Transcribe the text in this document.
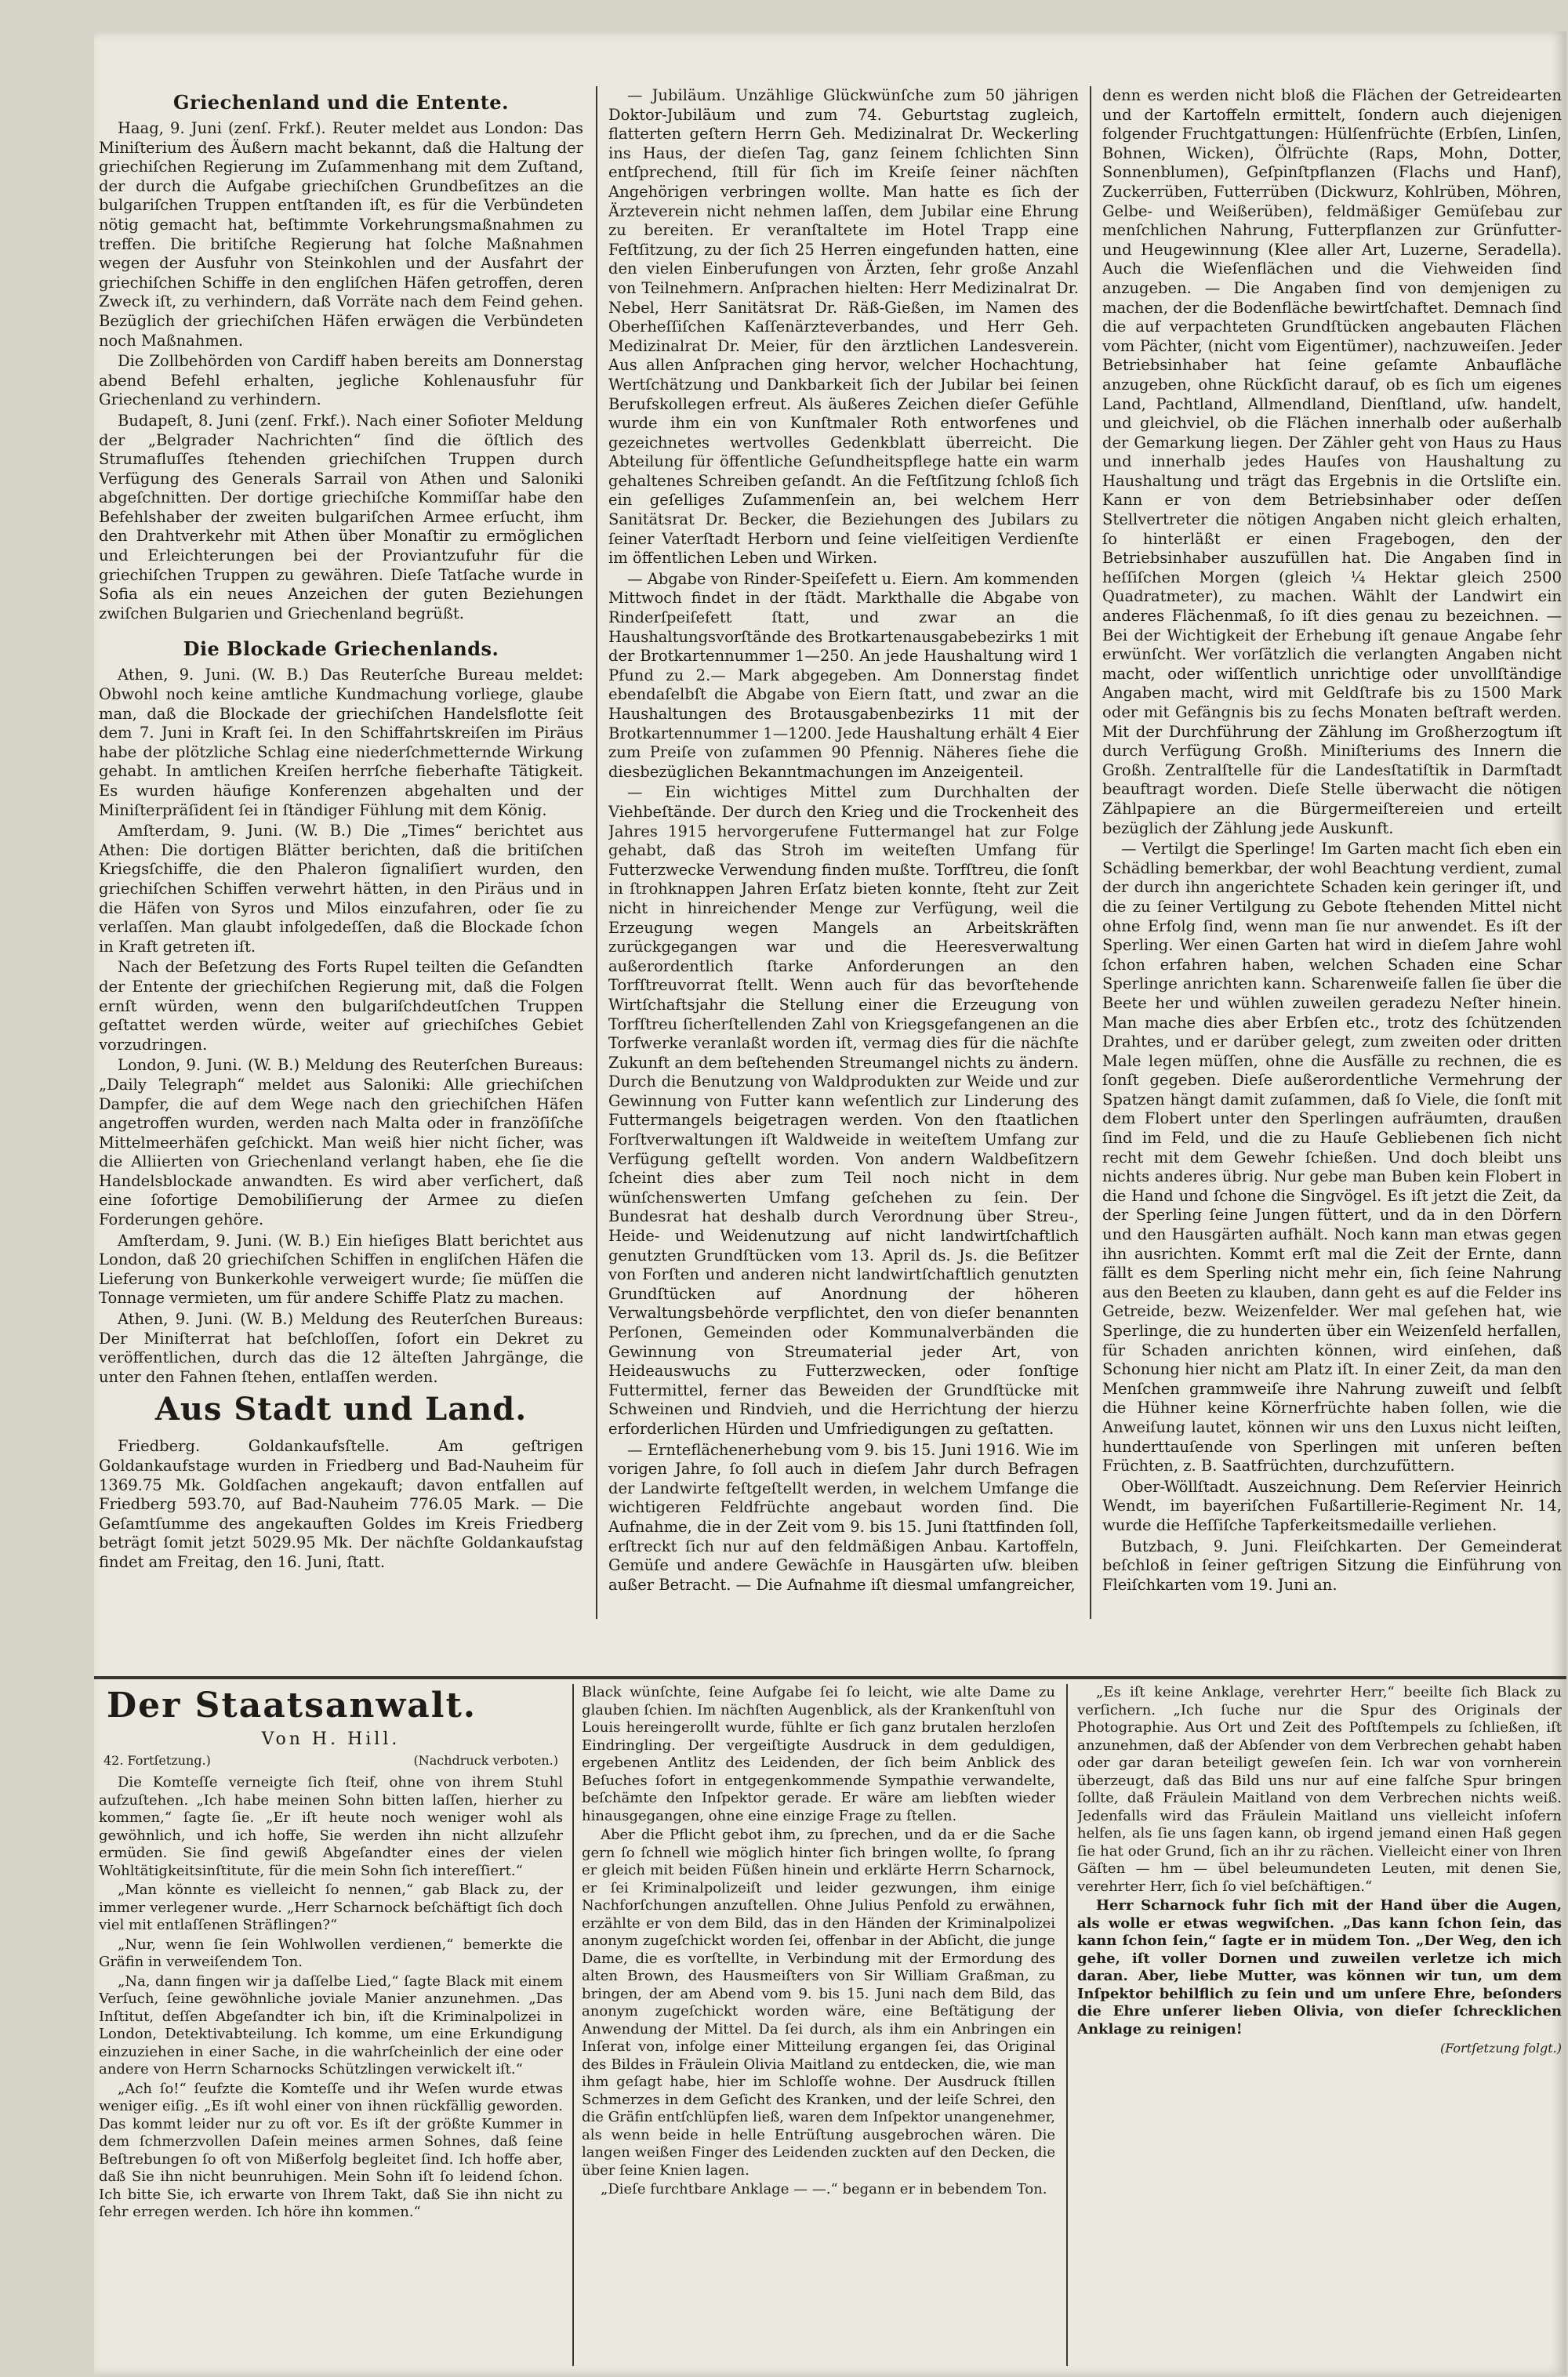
Griechenland und die Entente.

Haag, 9. Juni (zenſ. Frkf.). Reuter meldet aus London: Das Miniſterium des Äußern macht bekannt, daß die Haltung der griechiſchen Regierung im Zuſammenhang mit dem Zuſtand, der durch die Aufgabe griechiſchen Grundbeſitzes an die bulgariſchen Truppen entſtanden iſt, es für die Verbündeten nötig gemacht hat, beſtimmte Vorkehrungsmaßnahmen zu treffen. Die britiſche Regierung hat ſolche Maßnahmen wegen der Ausfuhr von Steinkohlen und der Ausfahrt der griechiſchen Schiffe in den engliſchen Häfen getroffen, deren Zweck iſt, zu verhindern, daß Vorräte nach dem Feind gehen. Bezüglich der griechiſchen Häfen erwägen die Verbündeten noch Maßnahmen.

Die Zollbehörden von Cardiff haben bereits am Donnerstag abend Befehl erhalten, jegliche Kohlenausfuhr für Griechenland zu verhindern.

Budapeſt, 8. Juni (zenſ. Frkf.). Nach einer Sofioter Meldung der „Belgrader Nachrichten“ ſind die öſtlich des Strumafluſſes ſtehenden griechiſchen Truppen durch Verfügung des Generals Sarrail von Athen und Saloniki abgeſchnitten. Der dortige griechiſche Kommiſſar habe den Befehlshaber der zweiten bulgariſchen Armee erſucht, ihm den Drahtverkehr mit Athen über Monaſtir zu ermöglichen und Erleichterungen bei der Proviantzufuhr für die griechiſchen Truppen zu gewähren. Dieſe Tatſache wurde in Sofia als ein neues Anzeichen der guten Beziehungen zwiſchen Bulgarien und Griechenland begrüßt.

Die Blockade Griechenlands.

Athen, 9. Juni. (W. B.) Das Reuterſche Bureau meldet: Obwohl noch keine amtliche Kundmachung vorliege, glaube man, daß die Blockade der griechiſchen Handelsflotte ſeit dem 7. Juni in Kraft ſei. In den Schiffahrtskreiſen im Piräus habe der plötzliche Schlag eine niederſchmetternde Wirkung gehabt. In amtlichen Kreiſen herrſche fieberhafte Tätigkeit. Es wurden häufige Konferenzen abgehalten und der Miniſterpräſident ſei in ſtändiger Fühlung mit dem König.

Amſterdam, 9. Juni. (W. B.) Die „Times“ berichtet aus Athen: Die dortigen Blätter berichten, daß die britiſchen Kriegsſchiffe, die den Phaleron ſignaliſiert wurden, den griechiſchen Schiffen verwehrt hätten, in den Piräus und in die Häfen von Syros und Milos einzufahren, oder ſie zu verlaſſen. Man glaubt infolgedeſſen, daß die Blockade ſchon in Kraft getreten iſt.

Nach der Beſetzung des Forts Rupel teilten die Geſandten der Entente der griechiſchen Regierung mit, daß die Folgen ernſt würden, wenn den bulgariſchdeutſchen Truppen geſtattet werden würde, weiter auf griechiſches Gebiet vorzudringen.

London, 9. Juni. (W. B.) Meldung des Reuterſchen Bureaus: „Daily Telegraph“ meldet aus Saloniki: Alle griechiſchen Dampfer, die auf dem Wege nach den griechiſchen Häfen angetroffen wurden, werden nach Malta oder in franzöſiſche Mittelmeerhäfen geſchickt. Man weiß hier nicht ſicher, was die Alliierten von Griechenland verlangt haben, ehe ſie die Handelsblockade anwandten. Es wird aber verſichert, daß eine ſofortige Demobiliſierung der Armee zu dieſen Forderungen gehöre.

Amſterdam, 9. Juni. (W. B.) Ein hieſiges Blatt berichtet aus London, daß 20 griechiſchen Schiffen in engliſchen Häfen die Lieferung von Bunkerkohle verweigert wurde; ſie müſſen die Tonnage vermieten, um für andere Schiffe Platz zu machen.

Athen, 9. Juni. (W. B.) Meldung des Reuterſchen Bureaus: Der Miniſterrat hat beſchloſſen, ſofort ein Dekret zu veröffentlichen, durch das die 12 älteſten Jahrgänge, die unter den Fahnen ſtehen, entlaſſen werden.

Aus Stadt und Land.

Friedberg. Goldankaufsſtelle. Am geſtrigen Goldankaufstage wurden in Friedberg und Bad-Nauheim für 1369.75 Mk. Goldſachen angekauft; davon entfallen auf Friedberg 593.70, auf Bad-Nauheim 776.05 Mark. — Die Geſamtſumme des angekauften Goldes im Kreis Friedberg beträgt ſomit jetzt 5029.95 Mk. Der nächſte Goldankaufstag findet am Freitag, den 16. Juni, ſtatt.

— Jubiläum. Unzählige Glückwünſche zum 50 jährigen Doktor-Jubiläum und zum 74. Geburtstag zugleich, flatterten geſtern Herrn Geh. Medizinalrat Dr. Weckerling ins Haus, der dieſen Tag, ganz ſeinem ſchlichten Sinn entſprechend, ſtill für ſich im Kreiſe ſeiner nächſten Angehörigen verbringen wollte. Man hatte es ſich der Ärzteverein nicht nehmen laſſen, dem Jubilar eine Ehrung zu bereiten. Er veranſtaltete im Hotel Trapp eine Feſtſitzung, zu der ſich 25 Herren eingefunden hatten, eine den vielen Einberufungen von Ärzten, ſehr große Anzahl von Teilnehmern. Anſprachen hielten: Herr Medizinalrat Dr. Nebel, Herr Sanitätsrat Dr. Räß-Gießen, im Namen des Oberheſſiſchen Kaſſenärzteverbandes, und Herr Geh. Medizinalrat Dr. Meier, für den ärztlichen Landesverein. Aus allen Anſprachen ging hervor, welcher Hochachtung, Wertſchätzung und Dankbarkeit ſich der Jubilar bei ſeinen Berufskollegen erfreut. Als äußeres Zeichen dieſer Gefühle wurde ihm ein von Kunſtmaler Roth entworfenes und gezeichnetes wertvolles Gedenkblatt überreicht. Die Abteilung für öffentliche Geſundheitspflege hatte ein warm gehaltenes Schreiben geſandt. An die Feſtſitzung ſchloß ſich ein geſelliges Zuſammenſein an, bei welchem Herr Sanitätsrat Dr. Becker, die Beziehungen des Jubilars zu ſeiner Vaterſtadt Herborn und ſeine vielſeitigen Verdienſte im öffentlichen Leben und Wirken.

— Abgabe von Rinder-Speiſefett u. Eiern. Am kommenden Mittwoch findet in der ſtädt. Markthalle die Abgabe von Rinderſpeiſefett ſtatt, und zwar an die Haushaltungsvorſtände des Brotkartenausgabebezirks 1 mit der Brotkartennummer 1—250. An jede Haushaltung wird 1 Pfund zu 2.— Mark abgegeben. Am Donnerstag findet ebendaſelbſt die Abgabe von Eiern ſtatt, und zwar an die Haushaltungen des Brotausgabenbezirks 11 mit der Brotkartennummer 1—1200. Jede Haushaltung erhält 4 Eier zum Preiſe von zuſammen 90 Pfennig. Näheres ſiehe die diesbezüglichen Bekanntmachungen im Anzeigenteil.

— Ein wichtiges Mittel zum Durchhalten der Viehbeſtände. Der durch den Krieg und die Trockenheit des Jahres 1915 hervorgerufene Futtermangel hat zur Folge gehabt, daß das Stroh im weiteſten Umfang für Futterzwecke Verwendung finden mußte. Torfſtreu, die ſonſt in ſtrohknappen Jahren Erſatz bieten konnte, ſteht zur Zeit nicht in hinreichender Menge zur Verfügung, weil die Erzeugung wegen Mangels an Arbeitskräften zurückgegangen war und die Heeresverwaltung außerordentlich ſtarke Anforderungen an den Torfſtreuvorrat ſtellt. Wenn auch für das bevorſtehende Wirtſchaftsjahr die Stellung einer die Erzeugung von Torfſtreu ſicherſtellenden Zahl von Kriegsgefangenen an die Torfwerke veranlaßt worden iſt, vermag dies für die nächſte Zukunft an dem beſtehenden Streumangel nichts zu ändern. Durch die Benutzung von Waldprodukten zur Weide und zur Gewinnung von Futter kann weſentlich zur Linderung des Futtermangels beigetragen werden. Von den ſtaatlichen Forſtverwaltungen iſt Waldweide in weiteſtem Umfang zur Verfügung geſtellt worden. Von andern Waldbeſitzern ſcheint dies aber zum Teil noch nicht in dem wünſchenswerten Umfang geſchehen zu ſein. Der Bundesrat hat deshalb durch Verordnung über Streu-, Heide- und Weidenutzung auf nicht landwirtſchaftlich genutzten Grundſtücken vom 13. April ds. Js. die Beſitzer von Forſten und anderen nicht landwirtſchaftlich genutzten Grundſtücken auf Anordnung der höheren Verwaltungsbehörde verpflichtet, den von dieſer benannten Perſonen, Gemeinden oder Kommunalverbänden die Gewinnung von Streumaterial jeder Art, von Heideauswuchs zu Futterzwecken, oder ſonſtige Futtermittel, ferner das Beweiden der Grundſtücke mit Schweinen und Rindvieh, und die Herrichtung der hierzu erforderlichen Hürden und Umfriedigungen zu geſtatten.

— Ernteflächenerhebung vom 9. bis 15. Juni 1916. Wie im vorigen Jahre, ſo ſoll auch in dieſem Jahr durch Befragen der Landwirte feſtgeſtellt werden, in welchem Umfange die wichtigeren Feldfrüchte angebaut worden ſind. Die Aufnahme, die in der Zeit vom 9. bis 15. Juni ſtattfinden ſoll, erſtreckt ſich nur auf den feldmäßigen Anbau. Kartoffeln, Gemüſe und andere Gewächſe in Hausgärten uſw. bleiben außer Betracht. — Die Aufnahme iſt diesmal umfangreicher,

denn es werden nicht bloß die Flächen der Getreidearten und der Kartoffeln ermittelt, ſondern auch diejenigen folgender Fruchtgattungen: Hülſenfrüchte (Erbſen, Linſen, Bohnen, Wicken), Ölfrüchte (Raps, Mohn, Dotter, Sonnenblumen), Geſpinſtpflanzen (Flachs und Hanf), Zuckerrüben, Futterrüben (Dickwurz, Kohlrüben, Möhren, Gelbe- und Weißerüben), feldmäßiger Gemüſebau zur menſchlichen Nahrung, Futterpflanzen zur Grünfutter- und Heugewinnung (Klee aller Art, Luzerne, Seradella). Auch die Wieſenflächen und die Viehweiden ſind anzugeben. — Die Angaben ſind von demjenigen zu machen, der die Bodenfläche bewirtſchaftet. Demnach ſind die auf verpachteten Grundſtücken angebauten Flächen vom Pächter, (nicht vom Eigentümer), nachzuweiſen. Jeder Betriebsinhaber hat ſeine geſamte Anbaufläche anzugeben, ohne Rückſicht darauf, ob es ſich um eigenes Land, Pachtland, Allmendland, Dienſtland, uſw. handelt, und gleichviel, ob die Flächen innerhalb oder außerhalb der Gemarkung liegen. Der Zähler geht von Haus zu Haus und innerhalb jedes Hauſes von Haushaltung zu Haushaltung und trägt das Ergebnis in die Ortsliſte ein. Kann er von dem Betriebsinhaber oder deſſen Stellvertreter die nötigen Angaben nicht gleich erhalten, ſo hinterläßt er einen Fragebogen, den der Betriebsinhaber auszufüllen hat. Die Angaben ſind in heſſiſchen Morgen (gleich ¼ Hektar gleich 2500 Quadratmeter), zu machen. Wählt der Landwirt ein anderes Flächenmaß, ſo iſt dies genau zu bezeichnen. — Bei der Wichtigkeit der Erhebung iſt genaue Angabe ſehr erwünſcht. Wer vorſätzlich die verlangten Angaben nicht macht, oder wiſſentlich unrichtige oder unvollſtändige Angaben macht, wird mit Geldſtrafe bis zu 1500 Mark oder mit Gefängnis bis zu ſechs Monaten beſtraft werden. Mit der Durchführung der Zählung im Großherzogtum iſt durch Verfügung Großh. Miniſteriums des Innern die Großh. Zentralſtelle für die Landesſtatiſtik in Darmſtadt beauftragt worden. Dieſe Stelle überwacht die nötigen Zählpapiere an die Bürgermeiſtereien und erteilt bezüglich der Zählung jede Auskunft.

— Vertilgt die Sperlinge! Im Garten macht ſich eben ein Schädling bemerkbar, der wohl Beachtung verdient, zumal der durch ihn angerichtete Schaden kein geringer iſt, und die zu ſeiner Vertilgung zu Gebote ſtehenden Mittel nicht ohne Erfolg ſind, wenn man ſie nur anwendet. Es iſt der Sperling. Wer einen Garten hat wird in dieſem Jahre wohl ſchon erfahren haben, welchen Schaden eine Schar Sperlinge anrichten kann. Scharenweiſe fallen ſie über die Beete her und wühlen zuweilen geradezu Neſter hinein. Man mache dies aber Erbſen etc., trotz des ſchützenden Drahtes, und er darüber gelegt, zum zweiten oder dritten Male legen müſſen, ohne die Ausfälle zu rechnen, die es ſonſt gegeben. Dieſe außerordentliche Vermehrung der Spatzen hängt damit zuſammen, daß ſo Viele, die ſonſt mit dem Flobert unter den Sperlingen aufräumten, draußen ſind im Feld, und die zu Hauſe Gebliebenen ſich nicht recht mit dem Gewehr ſchießen. Und doch bleibt uns nichts anderes übrig. Nur gebe man Buben kein Flobert in die Hand und ſchone die Singvögel. Es iſt jetzt die Zeit, da der Sperling ſeine Jungen füttert, und da in den Dörfern und den Hausgärten aufhält. Noch kann man etwas gegen ihn ausrichten. Kommt erſt mal die Zeit der Ernte, dann fällt es dem Sperling nicht mehr ein, ſich ſeine Nahrung aus den Beeten zu klauben, dann geht es auf die Felder ins Getreide, bezw. Weizenfelder. Wer mal geſehen hat, wie Sperlinge, die zu hunderten über ein Weizenſeld herfallen, für Schaden anrichten können, wird einſehen, daß Schonung hier nicht am Platz iſt. In einer Zeit, da man den Menſchen grammweiſe ihre Nahrung zuweiſt und ſelbſt die Hühner keine Körnerfrüchte haben ſollen, wie die Anweiſung lautet, können wir uns den Luxus nicht leiſten, hunderttauſende von Sperlingen mit unſeren beſten Früchten, z. B. Saatfrüchten, durchzufüttern.

Ober-Wöllſtadt. Auszeichnung. Dem Reſervier Heinrich Wendt, im bayeriſchen Fußartillerie-Regiment Nr. 14, wurde die Heſſiſche Tapferkeitsmedaille verliehen.

Butzbach, 9. Juni. Fleiſchkarten. Der Gemeinderat beſchloß in ſeiner geſtrigen Sitzung die Einführung von Fleiſchkarten vom 19. Juni an.

Der Staatsanwalt.
Von H. Hill.
42. Fortſetzung.)	(Nachdruck verboten.)

Die Komteſſe verneigte ſich ſteif, ohne von ihrem Stuhl aufzuſtehen. „Ich habe meinen Sohn bitten laſſen, hierher zu kommen,“ ſagte ſie. „Er iſt heute noch weniger wohl als gewöhnlich, und ich hoffe, Sie werden ihn nicht allzuſehr ermüden. Sie ſind gewiß Abgeſandter eines der vielen Wohltätigkeitsinſtitute, für die mein Sohn ſich intereſſiert.“

„Man könnte es vielleicht ſo nennen,“ gab Black zu, der immer verlegener wurde. „Herr Scharnock beſchäftigt ſich doch viel mit entlaſſenen Sträflingen?“

„Nur, wenn ſie ſein Wohlwollen verdienen,“ bemerkte die Gräfin in verweiſendem Ton.

„Na, dann fingen wir ja daſſelbe Lied,“ ſagte Black mit einem Verſuch, ſeine gewöhnliche joviale Manier anzunehmen. „Das Inſtitut, deſſen Abgeſandter ich bin, iſt die Kriminalpolizei in London, Detektivabteilung. Ich komme, um eine Erkundigung einzuziehen in einer Sache, in die wahrſcheinlich der eine oder andere von Herrn Scharnocks Schützlingen verwickelt iſt.“

„Ach ſo!“ ſeufzte die Komteſſe und ihr Weſen wurde etwas weniger eiſig. „Es iſt wohl einer von ihnen rückfällig geworden. Das kommt leider nur zu oft vor. Es iſt der größte Kummer in dem ſchmerzvollen Daſein meines armen Sohnes, daß ſeine Beſtrebungen ſo oft von Mißerfolg begleitet ſind. Ich hoffe aber, daß Sie ihn nicht beunruhigen. Mein Sohn iſt ſo leidend ſchon. Ich bitte Sie, ich erwarte von Ihrem Takt, daß Sie ihn nicht zu ſehr erregen werden. Ich höre ihn kommen.“

Black wünſchte, ſeine Aufgabe ſei ſo leicht, wie alte Dame zu glauben ſchien. Im nächſten Augenblick, als der Krankenſtuhl von Louis hereingerollt wurde, fühlte er ſich ganz brutalen herzloſen Eindringling. Der vergeiſtigte Ausdruck in dem geduldigen, ergebenen Antlitz des Leidenden, der ſich beim Anblick des Beſuches ſofort in entgegenkommende Sympathie verwandelte, beſchämte den Inſpektor gerade. Er wäre am liebſten wieder hinausgegangen, ohne eine einzige Frage zu ſtellen.

Aber die Pflicht gebot ihm, zu ſprechen, und da er die Sache gern ſo ſchnell wie möglich hinter ſich bringen wollte, ſo ſprang er gleich mit beiden Füßen hinein und erklärte Herrn Scharnock, er ſei Kriminalpolizeiſt und leider gezwungen, ihm einige Nachforſchungen anzuſtellen. Ohne Julius Penfold zu erwähnen, erzählte er von dem Bild, das in den Händen der Kriminalpolizei anonym zugeſchickt worden ſei, offenbar in der Abſicht, die junge Dame, die es vorſtellte, in Verbindung mit der Ermordung des alten Brown, des Hausmeiſters von Sir William Graßman, zu bringen, der am Abend vom 9. bis 15. Juni nach dem Bild, das anonym zugeſchickt worden wäre, eine Beſtätigung der Anwendung der Mittel. Da ſei durch, als ihm ein Anbringen ein Inſerat von, infolge einer Mitteilung ergangen ſei, das Original des Bildes in Fräulein Olivia Maitland zu entdecken, die, wie man ihm geſagt habe, hier im Schloſſe wohne. Der Ausdruck ſtillen Schmerzes in dem Geſicht des Kranken, und der leiſe Schrei, den die Gräfin entſchlüpfen ließ, waren dem Inſpektor unangenehmer, als wenn beide in helle Entrüſtung ausgebrochen wären. Die langen weißen Finger des Leidenden zuckten auf den Decken, die über ſeine Knien lagen.

„Dieſe furchtbare Anklage — —.“ begann er in bebendem Ton.

„Es iſt keine Anklage, verehrter Herr,“ beeilte ſich Black zu verſichern. „Ich ſuche nur die Spur des Originals der Photographie. Aus Ort und Zeit des Poſtſtempels zu ſchließen, iſt anzunehmen, daß der Abſender von dem Verbrechen gehabt haben oder gar daran beteiligt geweſen ſein. Ich war von vornherein überzeugt, daß das Bild uns nur auf eine falſche Spur bringen ſollte, daß Fräulein Maitland von dem Verbrechen nichts weiß. Jedenfalls wird das Fräulein Maitland uns vielleicht inſofern helfen, als ſie uns ſagen kann, ob irgend jemand einen Haß gegen ſie hat oder Grund, ſich an ihr zu rächen. Vielleicht einer von Ihren Gäſten — hm — übel beleumundeten Leuten, mit denen Sie, verehrter Herr, ſich ſo viel beſchäftigen.“

Herr Scharnock fuhr ſich mit der Hand über die Augen, als wolle er etwas wegwiſchen. „Das kann ſchon ſein, das kann ſchon ſein,“ ſagte er in müdem Ton. „Der Weg, den ich gehe, iſt voller Dornen und zuweilen verletze ich mich daran. Aber, liebe Mutter, was können wir tun, um dem Inſpektor behilflich zu ſein und um unſere Ehre, beſonders die Ehre unſerer lieben Olivia, von dieſer ſchrecklichen Anklage zu reinigen!

(Fortſetzung folgt.)
